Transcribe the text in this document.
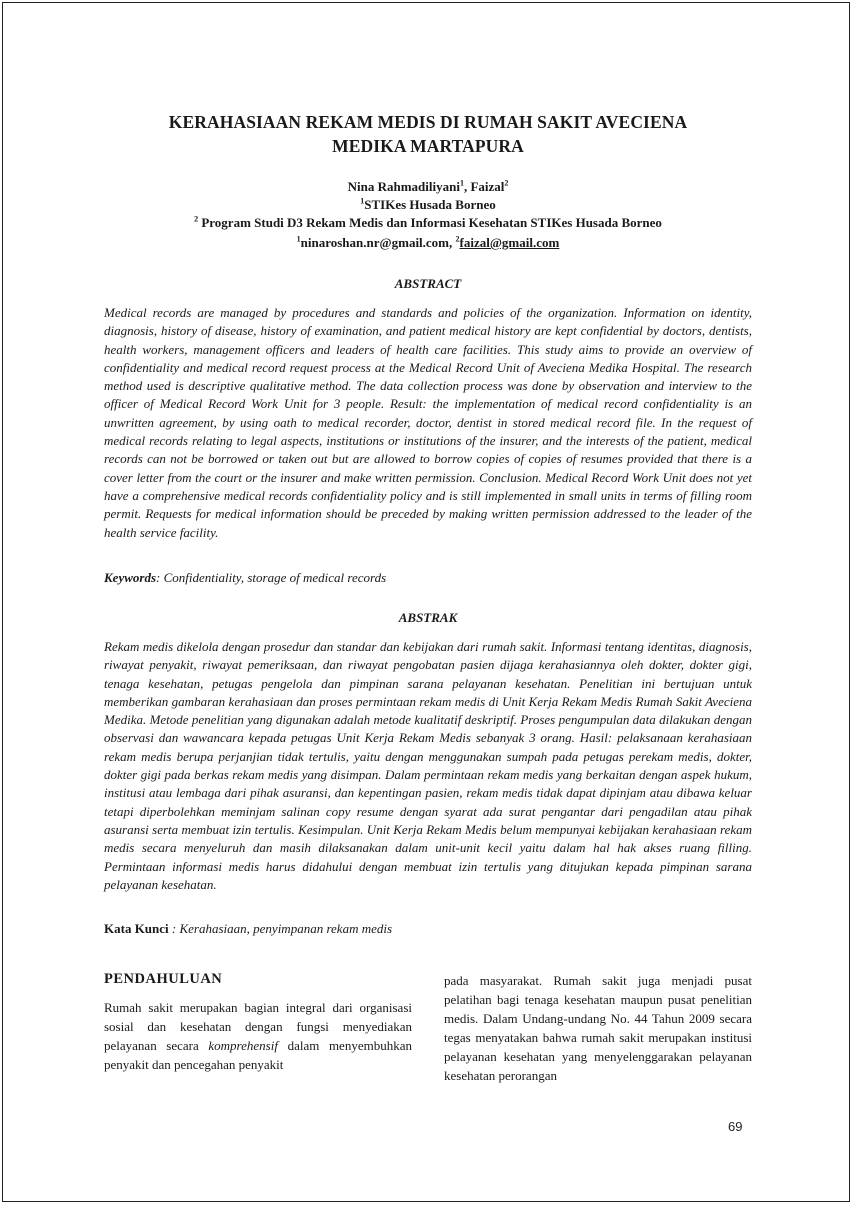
KERAHASIAAN REKAM MEDIS DI RUMAH SAKIT AVECIENA
MEDIKA MARTAPURA
Nina Rahmadiliyani$^1$, Faizal$^2$
$^1$STIKes Husada Borneo
$^2$ Program Studi D3 Rekam Medis dan Informasi Kesehatan STIKes Husada Borneo
$^1$ninaroshan.nr@gmail.com, $^2$faizal@gmail.com
ABSTRACT
Medical records are managed by procedures and standards and policies of the organization. Information on identity, diagnosis, history of disease, history of examination, and patient medical history are kept confidential by doctors, dentists, health workers, management officers and leaders of health care facilities. This study aims to provide an overview of confidentiality and medical record request process at the Medical Record Unit of Aveciena Medika Hospital. The research method used is descriptive qualitative method. The data collection process was done by observation and interview to the officer of Medical Record Work Unit for 3 people. Result: the implementation of medical record confidentiality is an unwritten agreement, by using oath to medical recorder, doctor, dentist in stored medical record file. In the request of medical records relating to legal aspects, institutions or institutions of the insurer, and the interests of the patient, medical records can not be borrowed or taken out but are allowed to borrow copies of copies of resumes provided that there is a cover letter from the court or the insurer and make written permission. Conclusion. Medical Record Work Unit does not yet have a comprehensive medical records confidentiality policy and is still implemented in small units in terms of filling room permit. Requests for medical information should be preceded by making written permission addressed to the leader of the health service facility.
Keywords: Confidentiality, storage of medical records
ABSTRAK
Rekam medis dikelola dengan prosedur dan standar dan kebijakan dari rumah sakit. Informasi tentang identitas, diagnosis, riwayat penyakit, riwayat pemeriksaan, dan riwayat pengobatan pasien dijaga kerahasiannya oleh dokter, dokter gigi, tenaga kesehatan, petugas pengelola dan pimpinan sarana pelayanan kesehatan. Penelitian ini bertujuan untuk memberikan gambaran kerahasiaan dan proses permintaan rekam medis di Unit Kerja Rekam Medis Rumah Sakit Aveciena Medika. Metode penelitian yang digunakan adalah metode kualitatif deskriptif. Proses pengumpulan data dilakukan dengan observasi dan wawancara kepada petugas Unit Kerja Rekam Medis sebanyak 3 orang. Hasil: pelaksanaan kerahasiaan rekam medis berupa perjanjian tidak tertulis, yaitu dengan menggunakan sumpah pada petugas perekam medis, dokter, dokter gigi pada berkas rekam medis yang disimpan. Dalam permintaan rekam medis yang berkaitan dengan aspek hukum, institusi atau lembaga dari pihak asuransi, dan kepentingan pasien, rekam medis tidak dapat dipinjam atau dibawa keluar tetapi diperbolehkan meminjam salinan copy resume dengan syarat ada surat pengantar dari pengadilan atau pihak asuransi serta membuat izin tertulis. Kesimpulan. Unit Kerja Rekam Medis belum mempunyai kebijakan kerahasiaan rekam medis secara menyeluruh dan masih dilaksanakan dalam unit-unit kecil yaitu dalam hal hak akses ruang filling. Permintaan informasi medis harus didahului dengan membuat izin tertulis yang ditujukan kepada pimpinan sarana pelayanan kesehatan.
Kata Kunci : Kerahasiaan, penyimpanan rekam medis
PENDAHULUAN
Rumah sakit merupakan bagian integral dari organisasi sosial dan kesehatan dengan fungsi menyediakan pelayanan secara komprehensif dalam menyembuhkan penyakit dan pencegahan penyakit
pada masyarakat. Rumah sakit juga menjadi pusat pelatihan bagi tenaga kesehatan maupun pusat penelitian medis. Dalam Undang-undang No. 44 Tahun 2009 secara tegas menyatakan bahwa rumah sakit merupakan institusi pelayanan kesehatan yang menyelenggarakan pelayanan kesehatan perorangan
69
